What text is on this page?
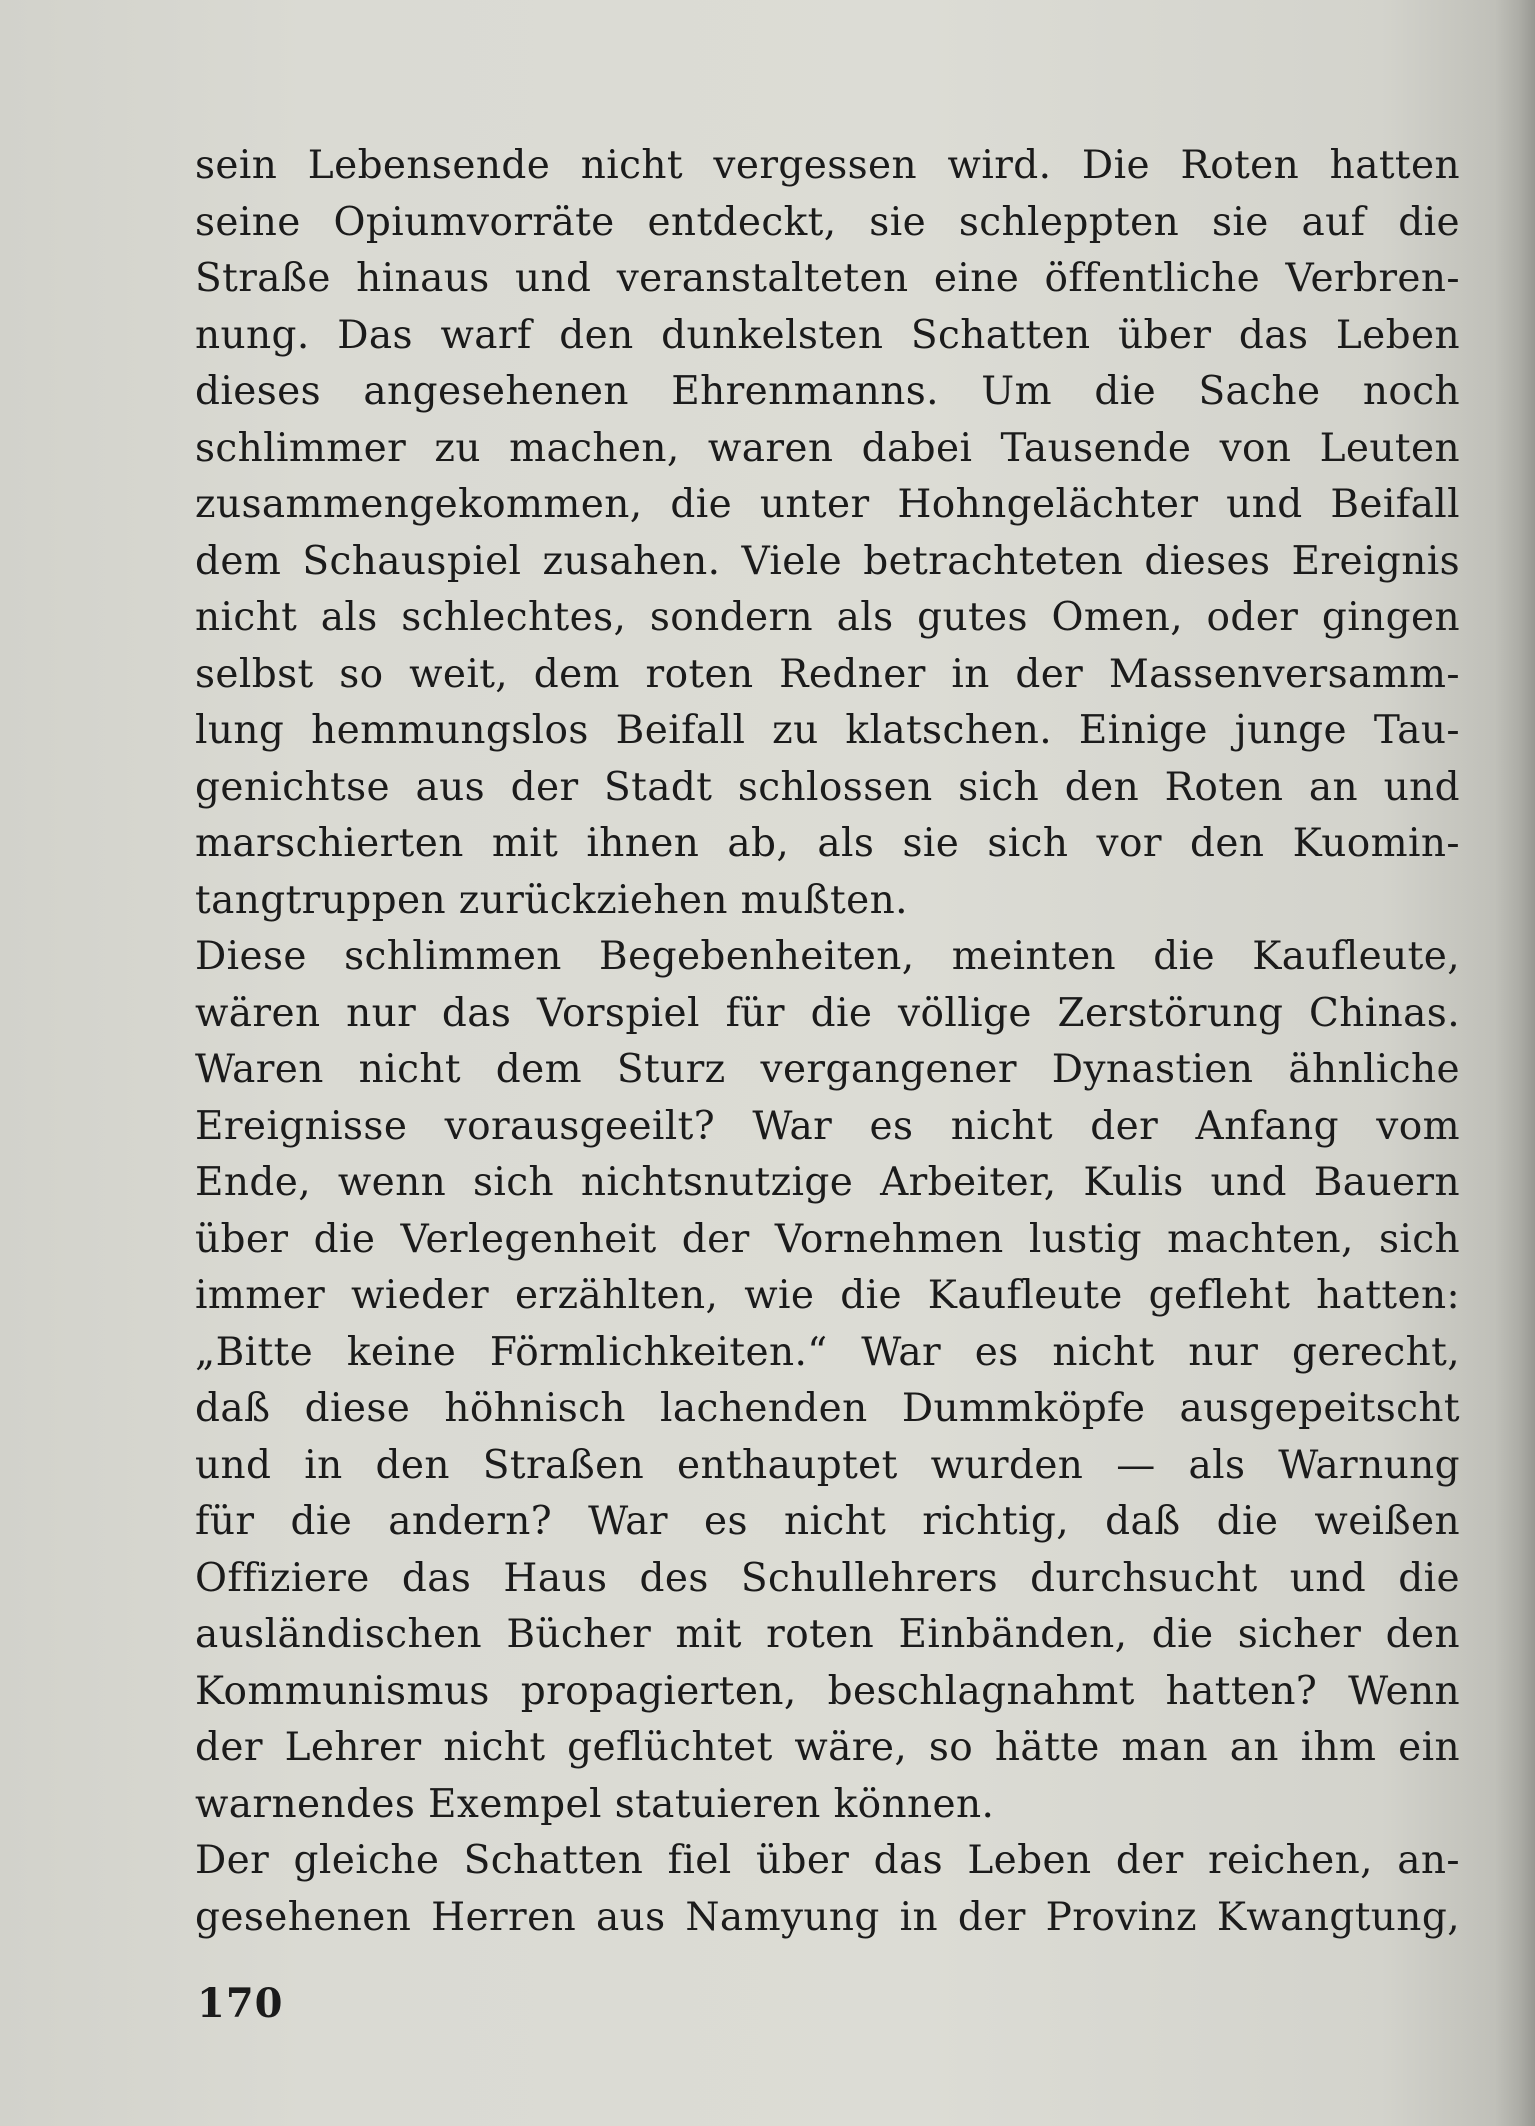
sein Lebensende nicht vergessen wird. Die Roten hatten
seine Opiumvorräte entdeckt, sie schleppten sie auf die
Straße hinaus und veranstalteten eine öffentliche Verbren-
nung. Das warf den dunkelsten Schatten über das Leben
dieses angesehenen Ehrenmanns. Um die Sache noch
schlimmer zu machen, waren dabei Tausende von Leuten
zusammengekommen, die unter Hohngelächter und Beifall
dem Schauspiel zusahen. Viele betrachteten dieses Ereignis
nicht als schlechtes, sondern als gutes Omen, oder gingen
selbst so weit, dem roten Redner in der Massenversamm-
lung hemmungslos Beifall zu klatschen. Einige junge Tau-
genichtse aus der Stadt schlossen sich den Roten an und
marschierten mit ihnen ab, als sie sich vor den Kuomin-
tangtruppen zurückziehen mußten.
Diese schlimmen Begebenheiten, meinten die Kaufleute,
wären nur das Vorspiel für die völlige Zerstörung Chinas.
Waren nicht dem Sturz vergangener Dynastien ähnliche
Ereignisse vorausgeeilt? War es nicht der Anfang vom
Ende, wenn sich nichtsnutzige Arbeiter, Kulis und Bauern
über die Verlegenheit der Vornehmen lustig machten, sich
immer wieder erzählten, wie die Kaufleute gefleht hatten:
„Bitte keine Förmlichkeiten.“ War es nicht nur gerecht,
daß diese höhnisch lachenden Dummköpfe ausgepeitscht
und in den Straßen enthauptet wurden — als Warnung
für die andern? War es nicht richtig, daß die weißen
Offiziere das Haus des Schullehrers durchsucht und die
ausländischen Bücher mit roten Einbänden, die sicher den
Kommunismus propagierten, beschlagnahmt hatten? Wenn
der Lehrer nicht geflüchtet wäre, so hätte man an ihm ein
warnendes Exempel statuieren können.
Der gleiche Schatten fiel über das Leben der reichen, an-
gesehenen Herren aus Namyung in der Provinz Kwangtung,
170
